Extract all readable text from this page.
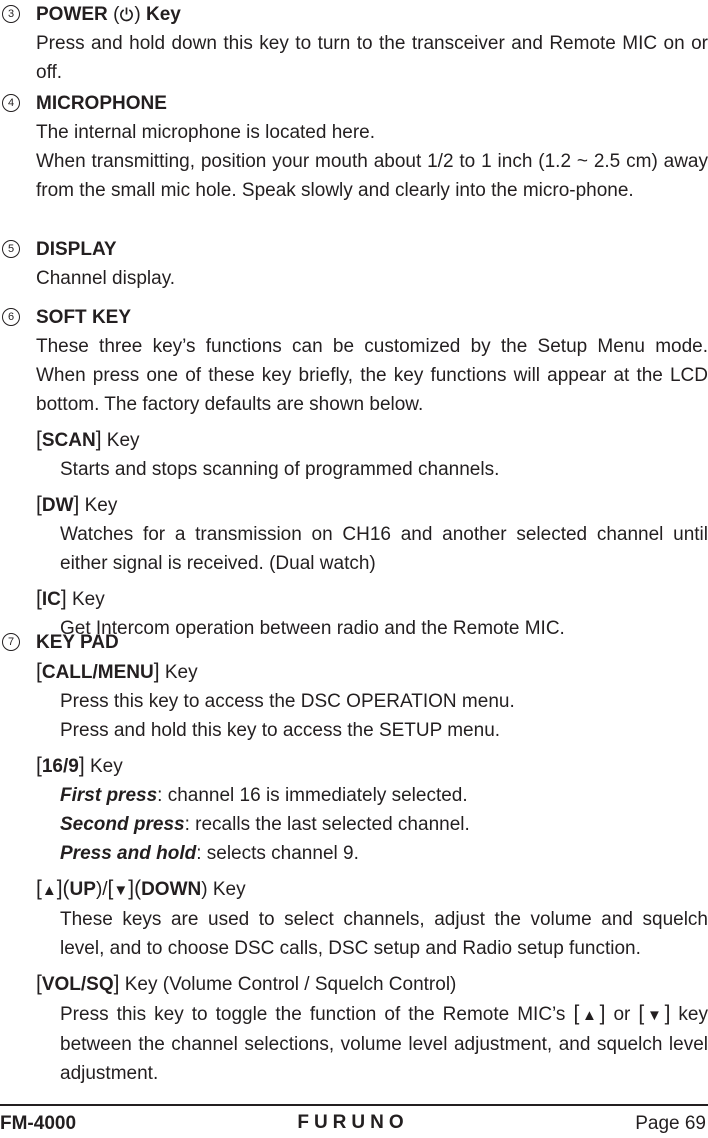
3	POWER ( ) Key
Press and hold down this key to turn to the transceiver and Remote MIC on or off.
4	MICROPHONE
The internal microphone is located here.
When transmitting, position your mouth about 1/2 to 1 inch (1.2 ~ 2.5 cm) away from the small mic hole. Speak slowly and clearly into the micro-phone.
5	DISPLAY
Channel display.
6	SOFT KEY
These three key’s functions can be customized by the Setup Menu mode. When press one of these key briefly, the key functions will appear at the LCD bottom. The factory defaults are shown below.
[SCAN] Key
Starts and stops scanning of programmed channels.
[DW] Key
Watches for a transmission on CH16 and another selected channel until either signal is received. (Dual watch)
[IC] Key
Get Intercom operation between radio and the Remote MIC.
7	KEY PAD
[CALL/MENU] Key
Press this key to access the DSC OPERATION menu.
Press and hold this key to access the SETUP menu.
[16/9] Key
First press: channel 16 is immediately selected.
Second press: recalls the last selected channel.
Press and hold: selects channel 9.
[▲](UP)/[▼](DOWN) Key
These keys are used to select channels, adjust the volume and squelch level, and to choose DSC calls, DSC setup and Radio setup function.
[VOL/SQ] Key (Volume Control / Squelch Control)
Press this key to toggle the function of the Remote MIC’s [▲] or [▼] key between the channel selections, volume level adjustment, and squelch level adjustment.
FM-4000	FURUNO	Page 69
